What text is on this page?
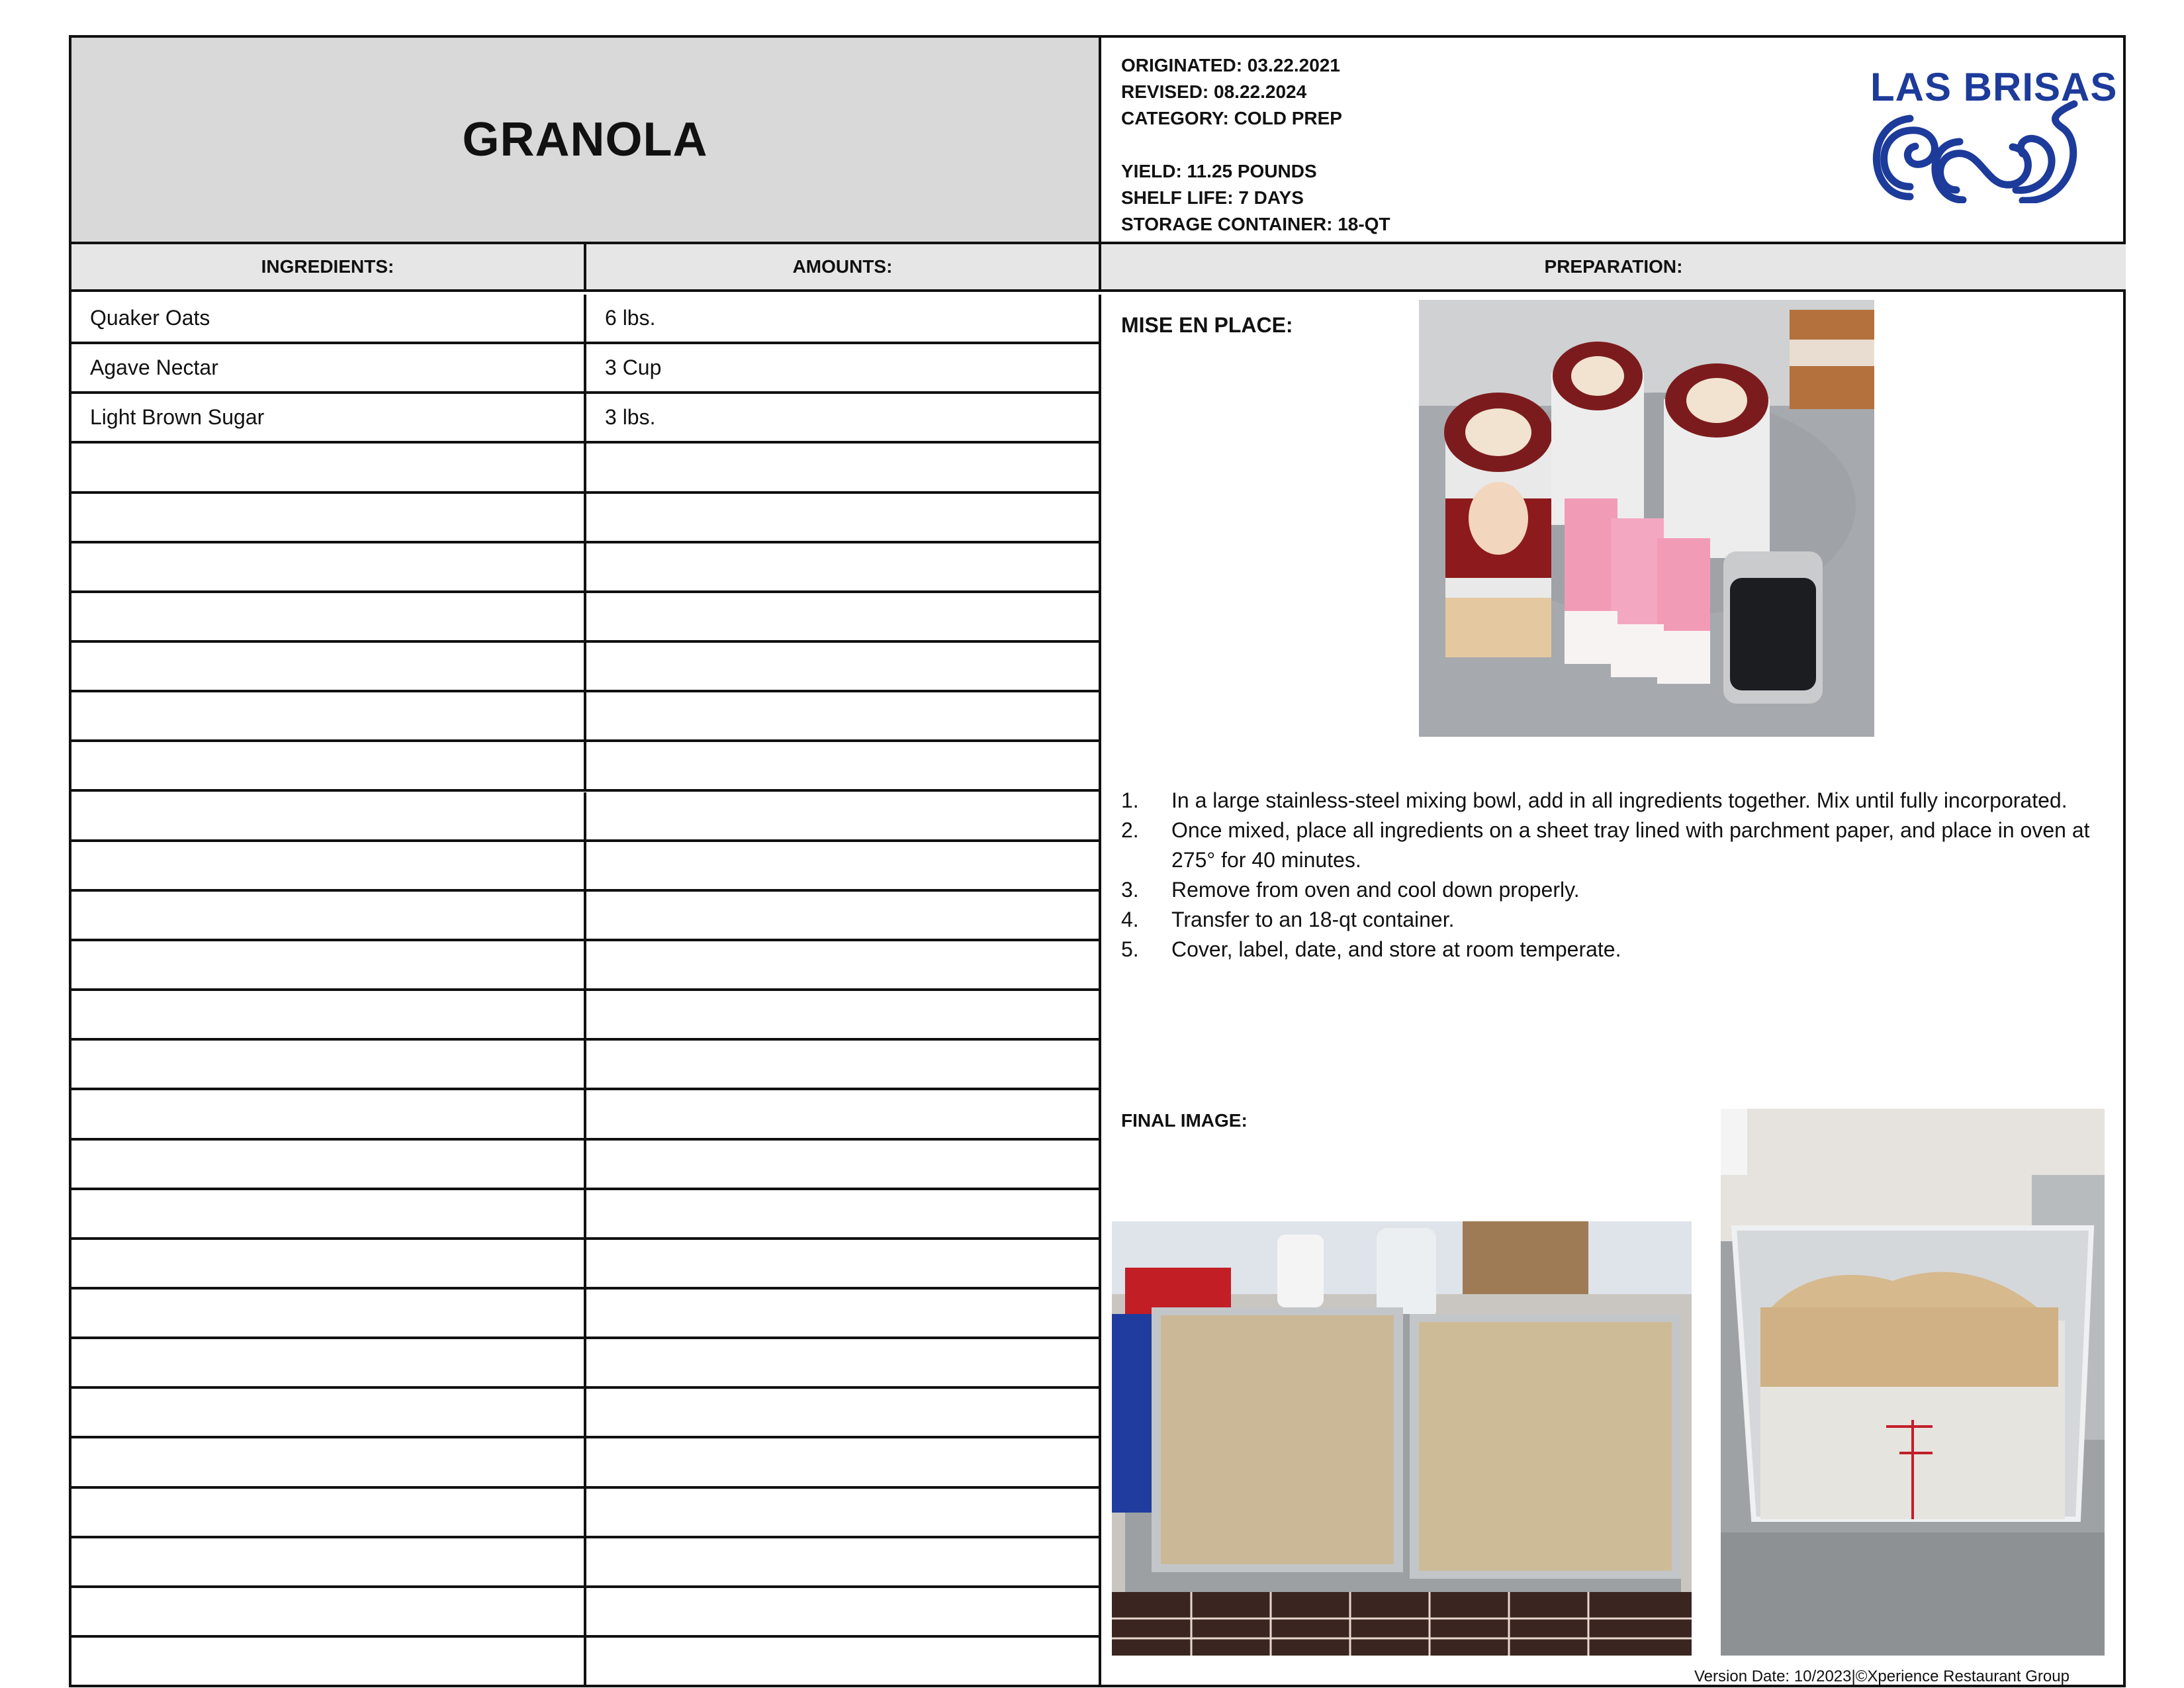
GRANOLA
ORIGINATED: 03.22.2021
REVISED: 08.22.2024
CATEGORY: COLD PREP
YIELD: 11.25 POUNDS
SHELF LIFE: 7 DAYS
STORAGE CONTAINER: 18-QT
LAS BRISAS
INGREDIENTS:	AMOUNTS:	PREPARATION:
Quaker Oats	6 lbs.
Agave Nectar	3 Cup
Light Brown Sugar	3 lbs.
MISE EN PLACE:
1.	In a large stainless-steel mixing bowl, add in all ingredients together. Mix until fully incorporated.
2.	Once mixed, place all ingredients on a sheet tray lined with parchment paper, and place in oven at 275° for 40 minutes.
3.	Remove from oven and cool down properly.
4.	Transfer to an 18-qt container.
5.	Cover, label, date, and store at room temperate.
FINAL IMAGE:
Version Date: 10/2023|©Xperience Restaurant Group
